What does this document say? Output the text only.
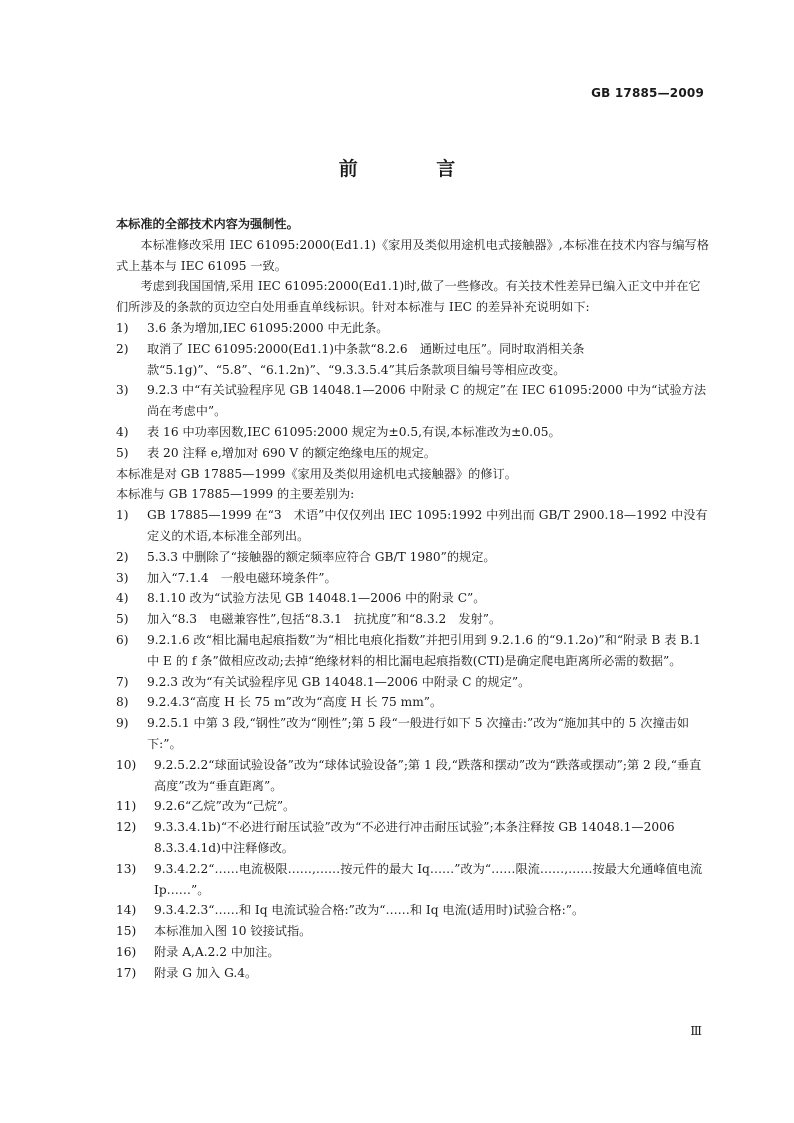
GB 17885—2009
前 言

本标准的全部技术内容为强制性。

本标准修改采用 IEC 61095:2000(Ed1.1)《家用及类似用途机电式接触器》,本标准在技术内容与编写格式上基本与 IEC 61095 一致。

考虑到我国国情,采用 IEC 61095:2000(Ed1.1)时,做了一些修改。有关技术性差异已编入正文中并在它们所涉及的条款的页边空白处用垂直单线标识。针对本标准与 IEC 的差异补充说明如下:

1)	3.6 条为增加,IEC 61095:2000 中无此条。
2)	取消了 IEC 61095:2000(Ed1.1)中条款“8.2.6　通断过电压”。同时取消相关条款“5.1g)”、“5.8”、“6.1.2n)”、“9.3.3.5.4”其后条款项目编号等相应改变。
3)	9.2.3 中“有关试验程序见 GB 14048.1—2006 中附录 C 的规定”在 IEC 61095:2000 中为“试验方法尚在考虑中”。
4)	表 16 中功率因数,IEC 61095:2000 规定为±0.5,有误,本标准改为±0.05。
5)	表 20 注释 e,增加对 690 V 的额定绝缘电压的规定。

本标准是对 GB 17885—1999《家用及类似用途机电式接触器》的修订。

本标准与 GB 17885—1999 的主要差别为:

1)	GB 17885—1999 在“3　术语”中仅仅列出 IEC 1095:1992 中列出而 GB/T 2900.18—1992 中没有定义的术语,本标准全部列出。
2)	5.3.3 中删除了“接触器的额定频率应符合 GB/T 1980”的规定。
3)	加入“7.1.4　一般电磁环境条件”。
4)	8.1.10 改为“试验方法见 GB 14048.1—2006 中的附录 C”。
5)	加入“8.3　电磁兼容性”,包括“8.3.1　抗扰度”和“8.3.2　发射”。
6)	9.2.1.6 改“相比漏电起痕指数”为“相比电痕化指数”并把引用到 9.2.1.6 的“9.1.2o)”和“附录 B 表 B.1 中 E 的 f 条”做相应改动;去掉“绝缘材料的相比漏电起痕指数(CTI)是确定爬电距离所必需的数据”。
7)	9.2.3 改为“有关试验程序见 GB 14048.1—2006 中附录 C 的规定”。
8)	9.2.4.3“高度 H 长 75 m”改为“高度 H 长 75 mm”。
9)	9.2.5.1 中第 3 段,“钢性”改为“刚性”;第 5 段“一般进行如下 5 次撞击:”改为“施加其中的 5 次撞击如下:”。
10)	9.2.5.2.2“球面试验设备”改为“球体试验设备”;第 1 段,“跌落和摆动”改为“跌落或摆动”;第 2 段,“垂直高度”改为“垂直距离”。
11)	9.2.6“乙烷”改为“己烷”。
12)	9.3.3.4.1b)“不必进行耐压试验”改为“不必进行冲击耐压试验”;本条注释按 GB 14048.1—2006 8.3.3.4.1d)中注释修改。
13)	9.3.4.2.2“……电流极限……,……按元件的最大 Iq……”改为“……限流……,……按最大允通峰值电流 Ip……”。
14)	9.3.4.2.3“……和 Iq 电流试验合格:”改为“……和 Iq 电流(适用时)试验合格:”。
15)	本标准加入图 10 铰接试指。
16)	附录 A,A.2.2 中加注。
17)	附录 G 加入 G.4。
Ⅲ
